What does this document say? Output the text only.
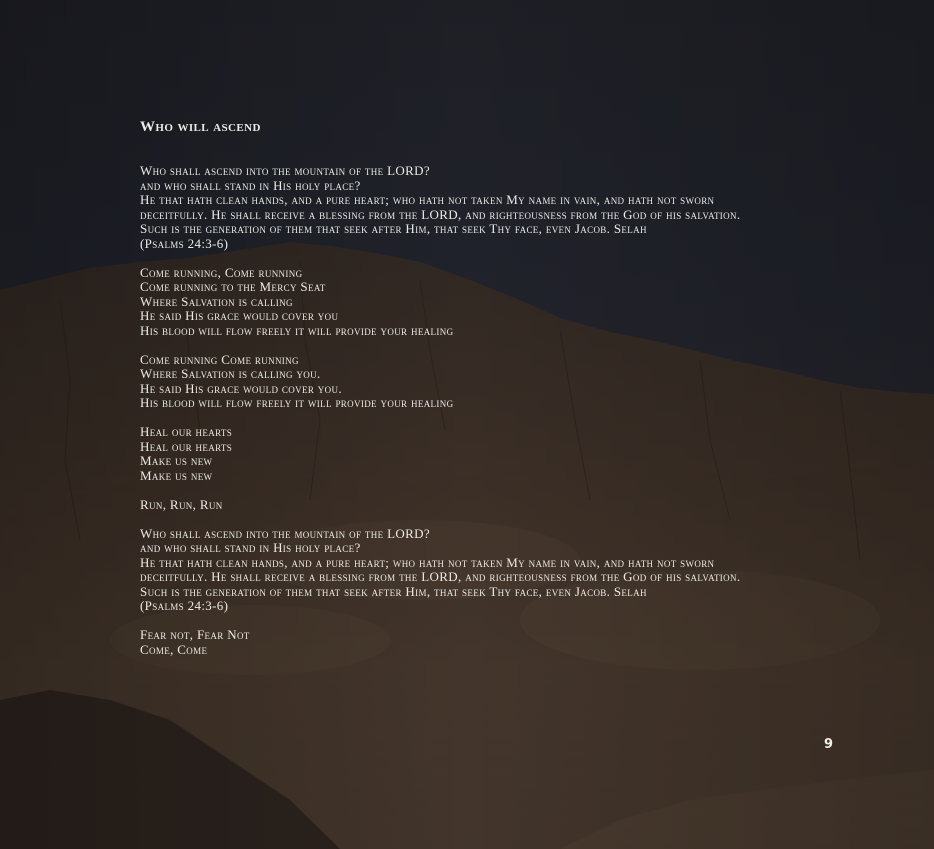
Who will ascend
Who shall ascend into the mountain of the LORD?
and who shall stand in His holy place?
He that hath clean hands, and a pure heart; who hath not taken My name in vain, and hath not sworn
deceitfully. He shall receive a blessing from the LORD, and righteousness from the God of his salvation.
Such is the generation of them that seek after Him, that seek Thy face, even Jacob. Selah
(Psalms 24:3-6)
Come running, Come running
Come running to the Mercy Seat
Where Salvation is calling
He said His grace would cover you
His blood will flow freely it will provide your healing
Come running Come running
Where Salvation is calling you.
He said His grace would cover you.
His blood will flow freely it will provide your healing
Heal our hearts
Heal our hearts
Make us new
Make us new
Run, Run, Run
Who shall ascend into the mountain of the LORD?
and who shall stand in His holy place?
He that hath clean hands, and a pure heart; who hath not taken My name in vain, and hath not sworn
deceitfully. He shall receive a blessing from the LORD, and righteousness from the God of his salvation.
Such is the generation of them that seek after Him, that seek Thy face, even Jacob. Selah
(Psalms 24:3-6)
Fear not, Fear Not
Come, Come
9
